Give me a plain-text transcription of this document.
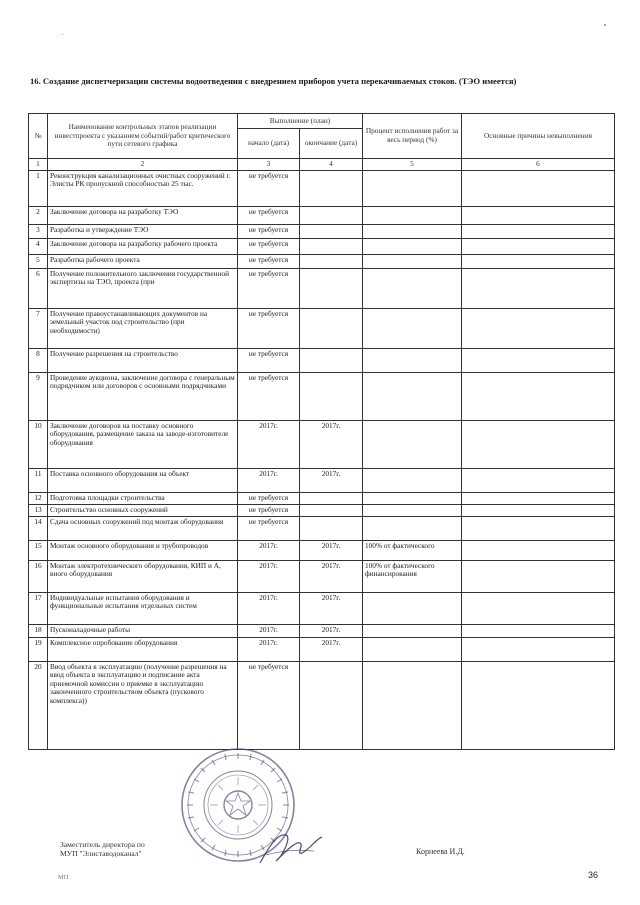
16. Создание диспетчеризации системы водоотведения с внедрением приборов учета перекачиваемых стоков. (ТЭО имеется)
№	Наименование контрольных этапов реализации инвестпроекта с указанием событий/работ критического пути сетевого графика	Выполнение (план)		Процент исполнения работ за весь период (%)	Основные причины невыполнения
		начало (дата)	окончание (дата)		
1	2	3	4	5	6
1	Реконструкция канализационных очистных сооружений г. Элисты РК пропускной способностью 25 тыс.	не требуется			
2	Заключение договора на разработку ТЭО	не требуется			
3	Разработка и утверждение ТЭО	не требуется			
4	Заключение договора на разработку рабочего проекта	не требуется			
5	Разработка рабочего проекта	не требуется			
6	Получение положительного заключения государственной экспертизы на ТЭО, проекта (при	не требуется			
7	Получение правоустанавливающих документов на земельный участок под строительство (при необходимости)	не требуется			
8	Получение разрешения на строительство	не требуется			
9	Проведение аукциона, заключение договора с генеральным подрядчиком или договоров с основными подрядчиками	не требуется			
10	Заключение договоров на поставку основного оборудования, размещение заказа на заводе-изготовителе оборудования	2017г.	2017г.		
11	Поставка основного оборудования на объект	2017г.	2017г.		
12	Подготовка площадки строительства	не требуется			
13	Строительство основных сооружений	не требуется			
14	Сдача основных сооружений под монтаж оборудования	не требуется			
15	Монтаж основного оборудования и трубопроводов	2017г.	2017г.	100% от фактического	
16	Монтаж электротехнического оборудования, КИП и А, вного оборудования	2017г.	2017г.	100% от фактического финансирования	
17	Индивидуальные испытания оборудования и функциональные испытания отдельных систем	2017г.	2017г.		
18	Пусконаладочные работы	2017г.	2017г.		
19	Комплексное опробование оборудования	2017г.	2017г.		
20	Ввод объекта в эксплуатацию (получение разрешения на ввод объекта в эксплуатацию и подписание акта приемочной комиссии о приемке в эксплуатацию законченного строительством объекта (пускового комплекса))	не требуется			
Заместитель директора по
МУП "Элиставодоканал"	Корнеева И.Д.
МП	36
